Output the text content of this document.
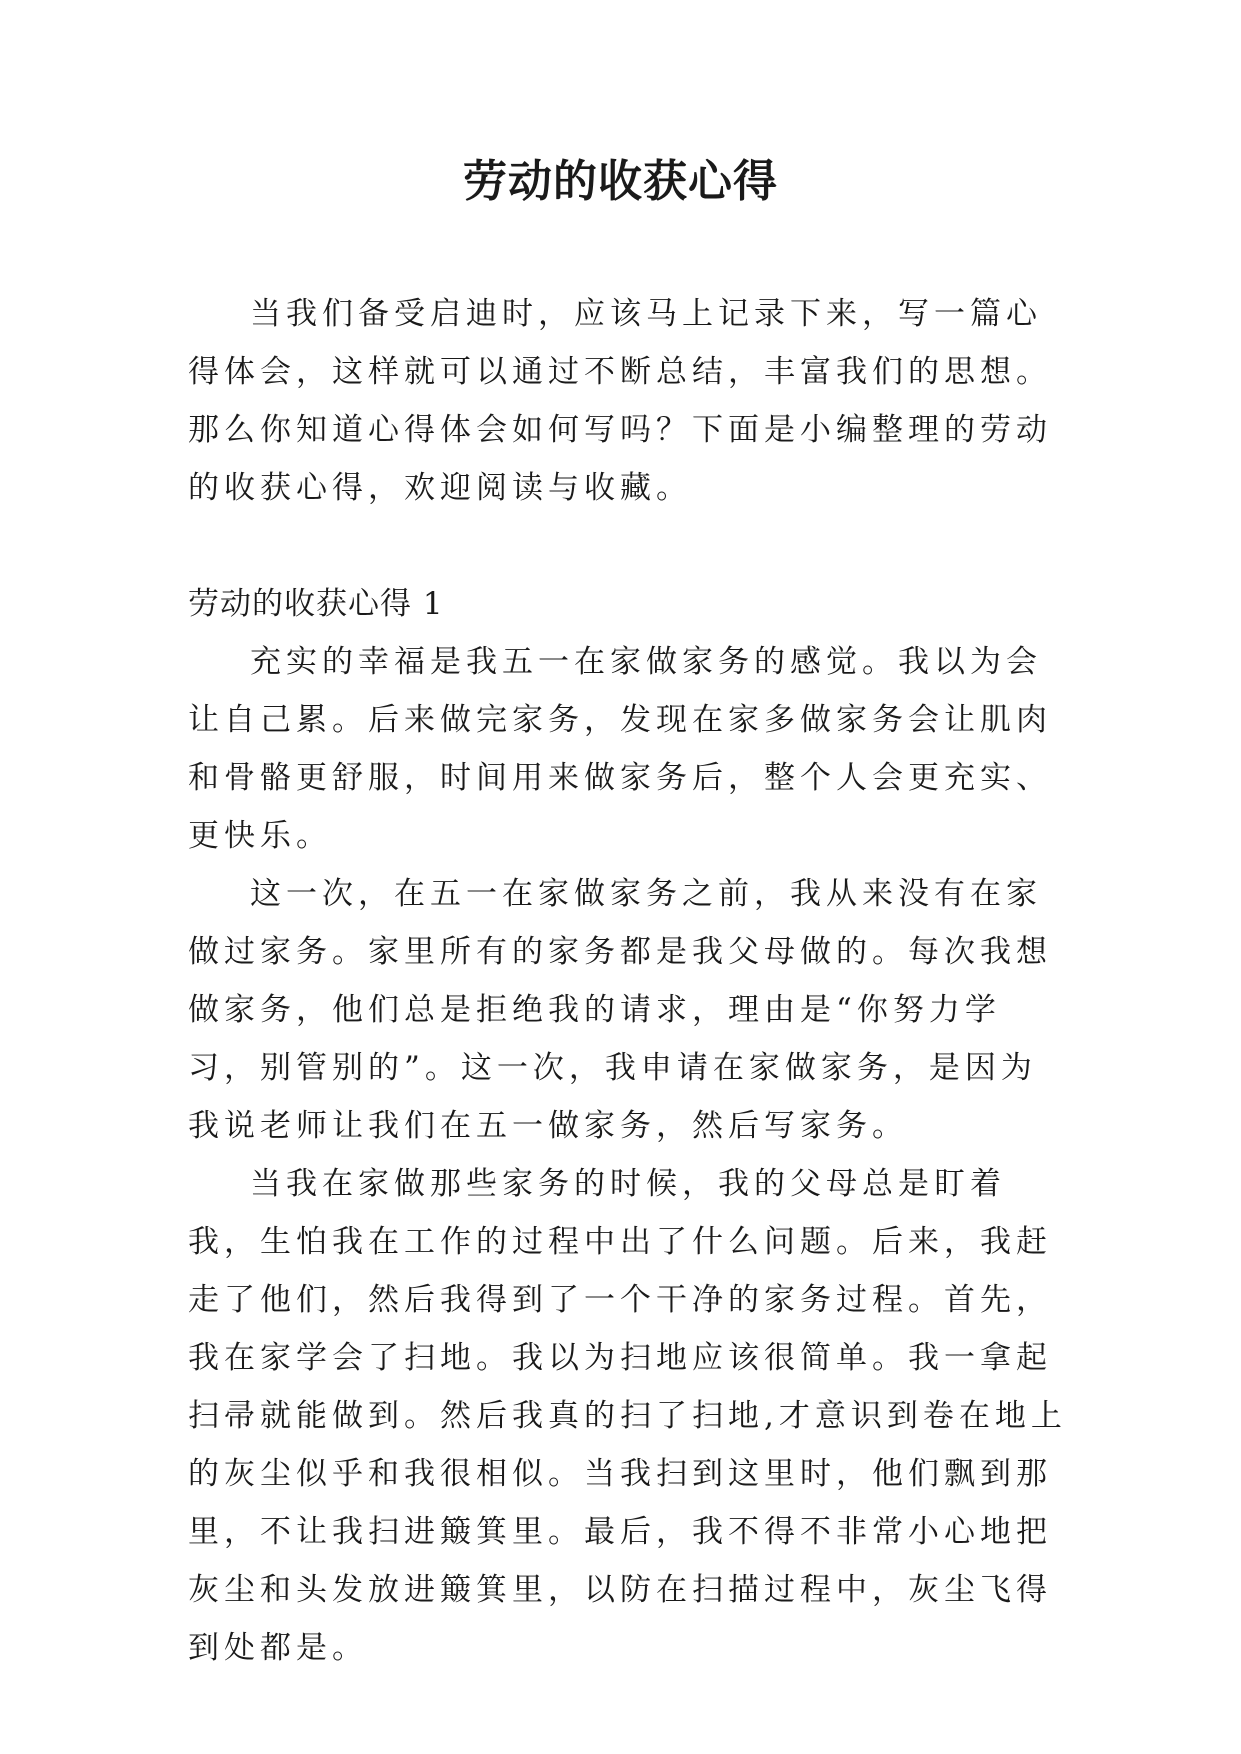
劳动的收获心得

当我们备受启迪时，应该马上记录下来，写一篇心得体会，这样就可以通过不断总结，丰富我们的思想。那么你知道心得体会如何写吗？下面是小编整理的劳动的收获心得，欢迎阅读与收藏。

劳动的收获心得 1

充实的幸福是我五一在家做家务的感觉。我以为会让自己累。后来做完家务，发现在家多做家务会让肌肉和骨骼更舒服，时间用来做家务后，整个人会更充实、更快乐。

这一次，在五一在家做家务之前，我从来没有在家做过家务。家里所有的家务都是我父母做的。每次我想做家务，他们总是拒绝我的请求，理由是“你努力学习，别管别的”。这一次，我申请在家做家务，是因为我说老师让我们在五一做家务，然后写家务。

当我在家做那些家务的时候，我的父母总是盯着我，生怕我在工作的过程中出了什么问题。后来，我赶走了他们，然后我得到了一个干净的家务过程。首先，我在家学会了扫地。我以为扫地应该很简单。我一拿起扫帚就能做到。然后我真的扫了扫地,才意识到卷在地上的灰尘似乎和我很相似。当我扫到这里时，他们飘到那里，不让我扫进簸箕里。最后，我不得不非常小心地把灰尘和头发放进簸箕里，以防在扫描过程中，灰尘飞得到处都是。
